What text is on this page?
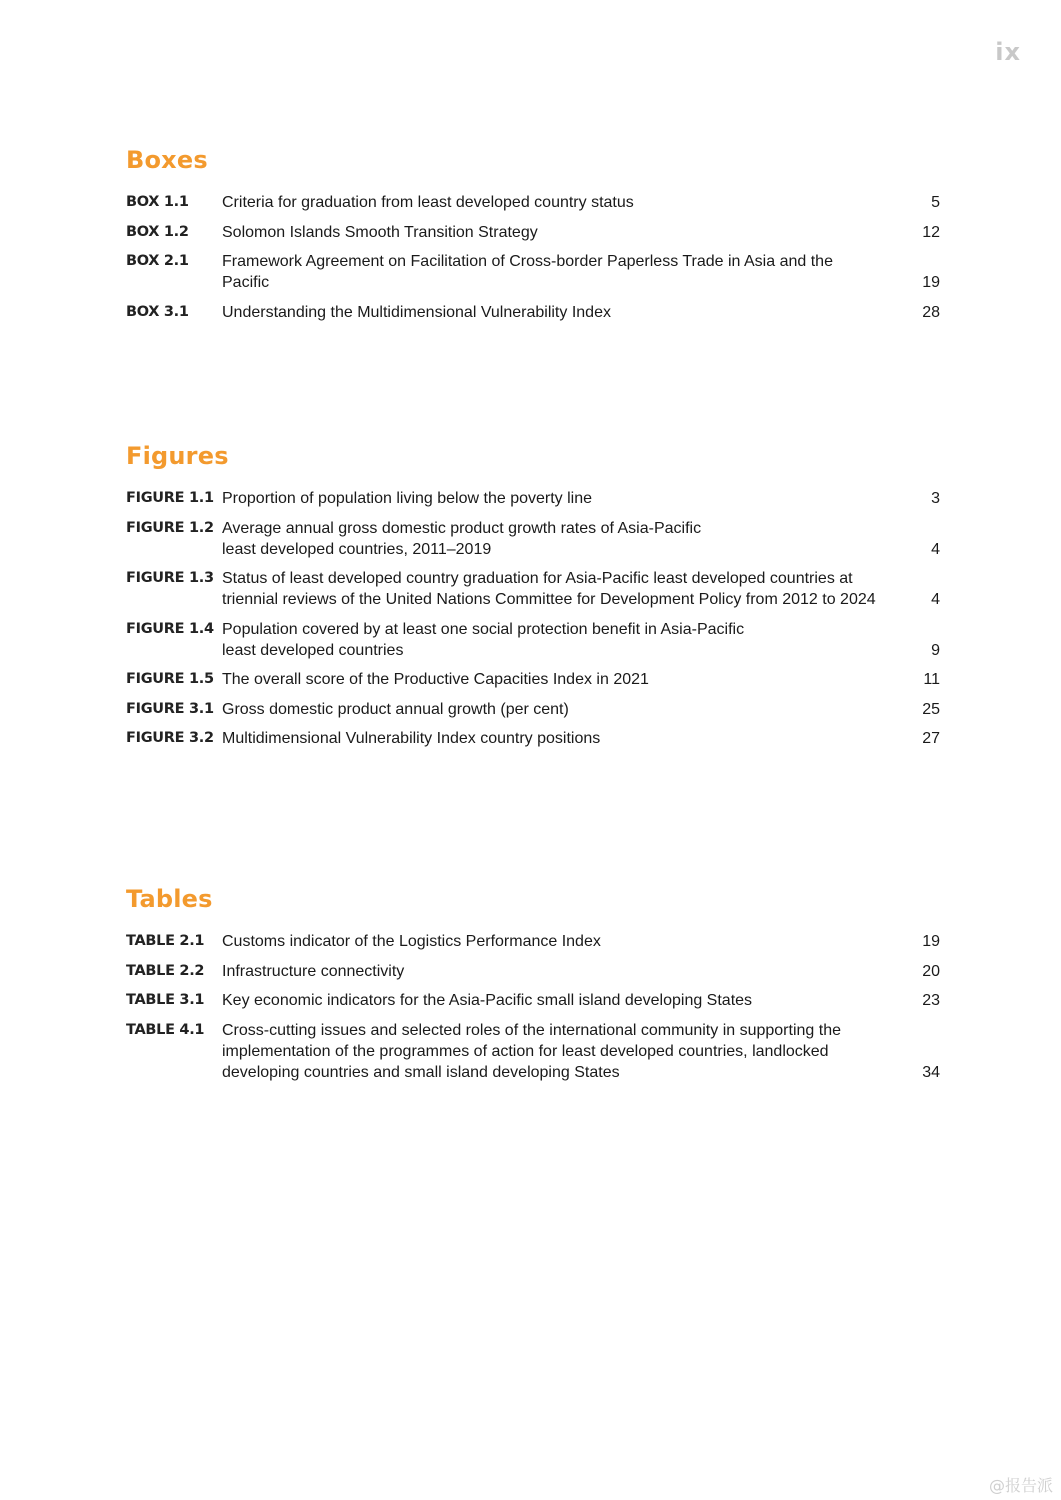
ix
Boxes
BOX 1.1	Criteria for graduation from least developed country status	5
BOX 1.2	Solomon Islands Smooth Transition Strategy	12
BOX 2.1	Framework Agreement on Facilitation of Cross-border Paperless Trade in Asia and the Pacific	19
BOX 3.1	Understanding the Multidimensional Vulnerability Index	28
Figures
FIGURE 1.1 Proportion of population living below the poverty line	3
FIGURE 1.2 Average annual gross domestic product growth rates of Asia-Pacific
least developed countries, 2011–2019	4
FIGURE 1.3 Status of least developed country graduation for Asia-Pacific least developed countries at
triennial reviews of the United Nations Committee for Development Policy from 2012 to 2024	4
FIGURE 1.4 Population covered by at least one social protection benefit in Asia-Pacific
least developed countries	9
FIGURE 1.5 The overall score of the Productive Capacities Index in 2021	11
FIGURE 3.1 Gross domestic product annual growth (per cent)	25
FIGURE 3.2 Multidimensional Vulnerability Index country positions	27
Tables
TABLE 2.1	Customs indicator of the Logistics Performance Index	19
TABLE 2.2	Infrastructure connectivity	20
TABLE 3.1	Key economic indicators for the Asia-Pacific small island developing States	23
TABLE 4.1	Cross-cutting issues and selected roles of the international community in supporting the
implementation of the programmes of action for least developed countries, landlocked
developing countries and small island developing States	34
@报告派
